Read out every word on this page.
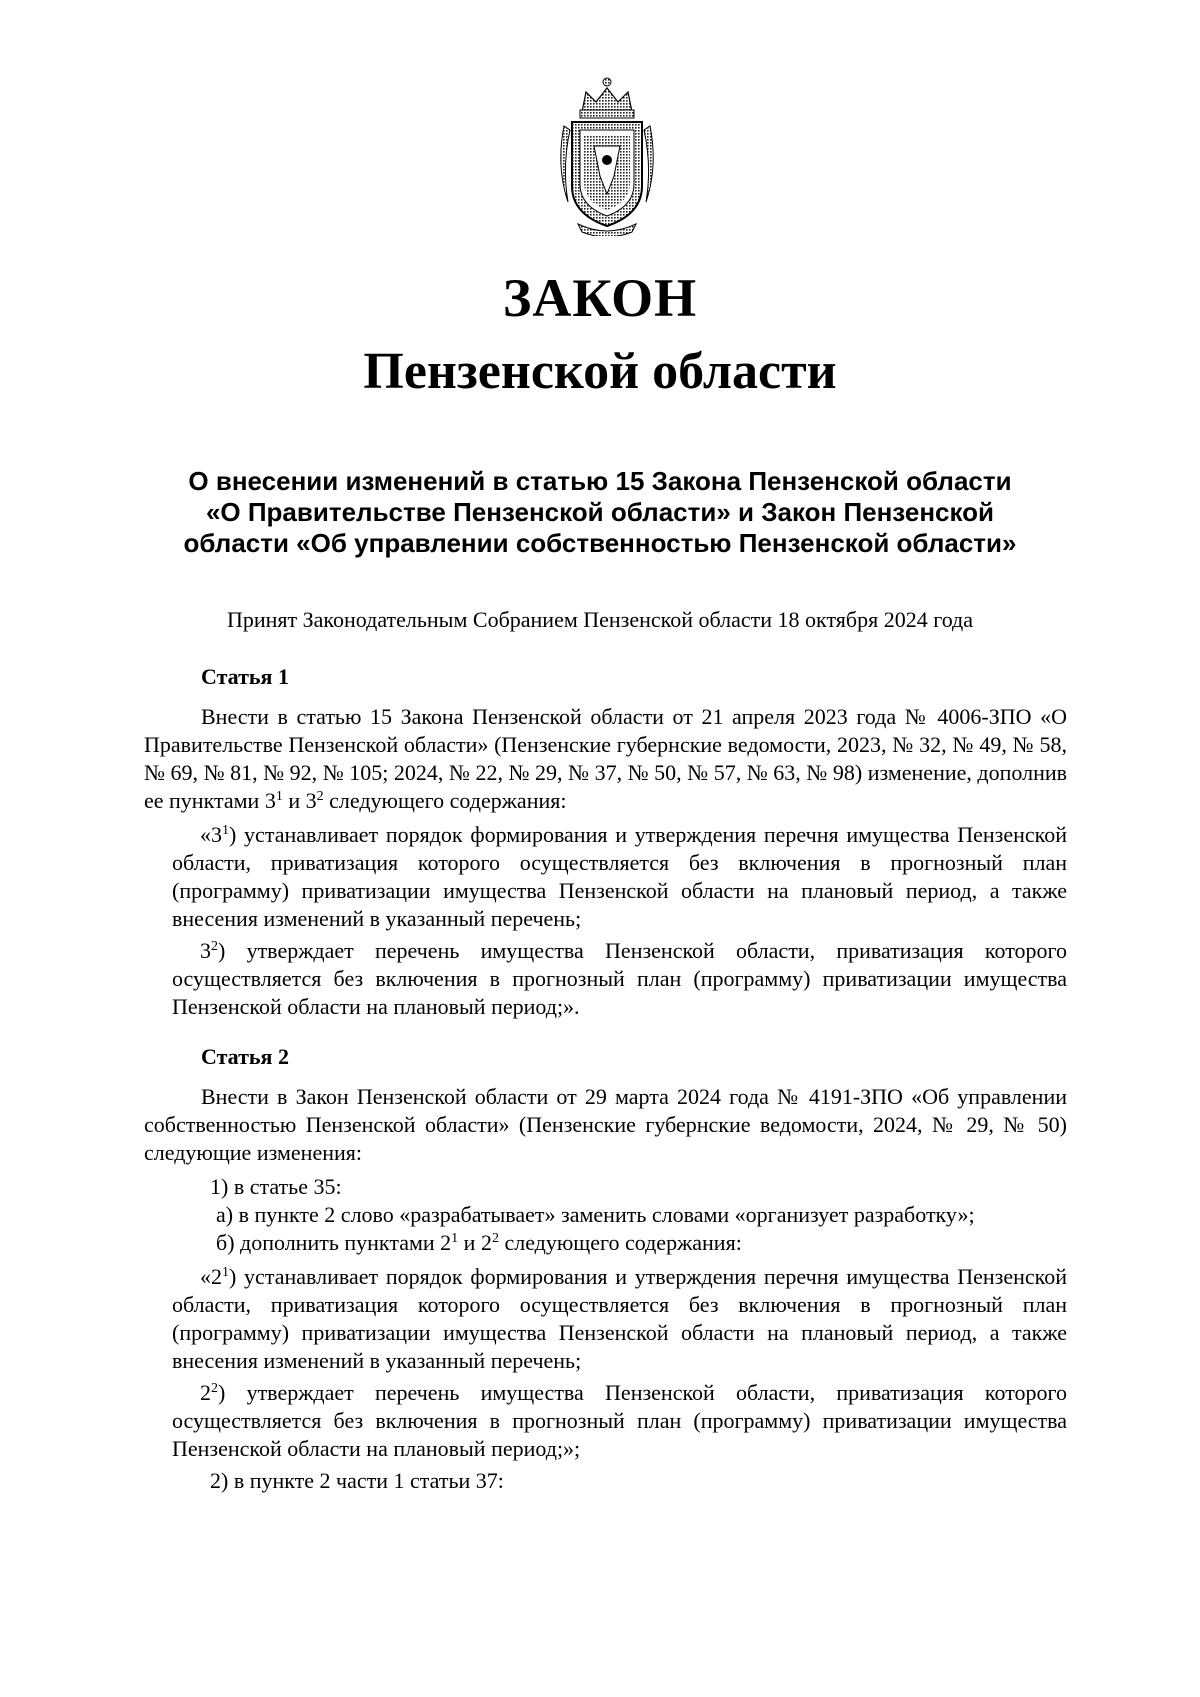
ЗАКОН
Пензенской области
О внесении изменений в статью 15 Закона Пензенской области
«О Правительстве Пензенской области» и Закон Пензенской
области «Об управлении собственностью Пензенской области»
Принят Законодательным Собранием Пензенской области 18 октября 2024 года

Статья 1

Внести в статью 15 Закона Пензенской области от 21 апреля 2023 года № 4006-ЗПО «О Правительстве Пензенской области» (Пензенские губернские ведомости, 2023, № 32, № 49, № 58, № 69, № 81, № 92, № 105; 2024, № 22, № 29, № 37, № 50, № 57, № 63, № 98) изменение, дополнив ее пунктами $3^1$ и $3^2$ следующего содержания:

«$3^1$) устанавливает порядок формирования и утверждения перечня имущества Пензенской области, приватизация которого осуществляется без включения в прогнозный план (программу) приватизации имущества Пензенской области на плановый период, а также внесения изменений в указанный перечень;

$3^2$) утверждает перечень имущества Пензенской области, приватизация которого осуществляется без включения в прогнозный план (программу) приватизации имущества Пензенской области на плановый период;».

Статья 2

Внести в Закон Пензенской области от 29 марта 2024 года № 4191-ЗПО «Об управлении собственностью Пензенской области» (Пензенские губернские ведомости, 2024, № 29, № 50) следующие изменения:

1) в статье 35:

а) в пункте 2 слово «разрабатывает» заменить словами «организует разработку»;

б) дополнить пунктами $2^1$ и $2^2$ следующего содержания:

«$2^1$) устанавливает порядок формирования и утверждения перечня имущества Пензенской области, приватизация которого осуществляется без включения в прогнозный план (программу) приватизации имущества Пензенской области на плановый период, а также внесения изменений в указанный перечень;

$2^2$) утверждает перечень имущества Пензенской области, приватизация которого осуществляется без включения в прогнозный план (программу) приватизации имущества Пензенской области на плановый период;»;

2) в пункте 2 части 1 статьи 37:
